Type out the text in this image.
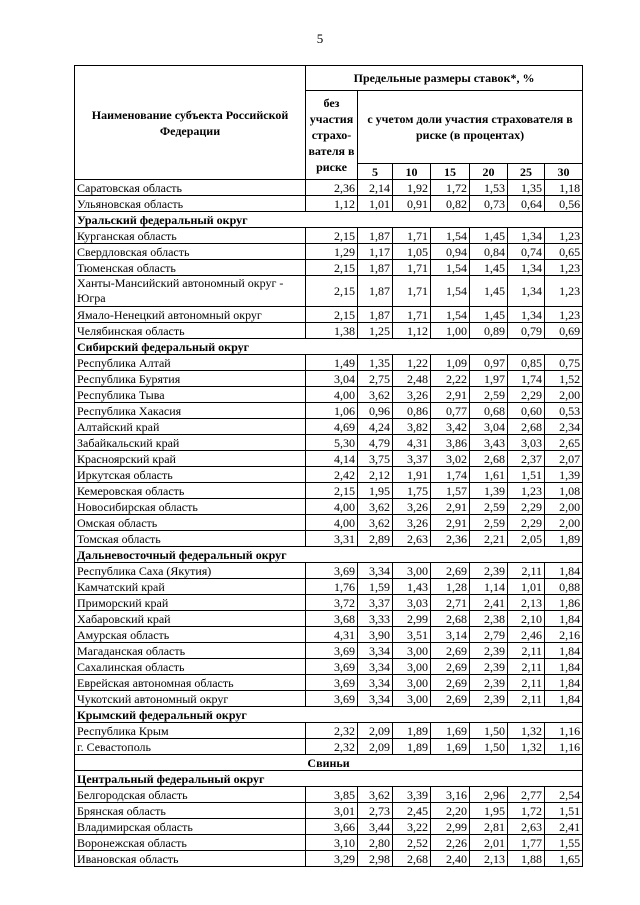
5
Наименование субъекта Российской Федерации	Предельные размеры ставок*, %						
	без участия страхо-вателя в риске	с учетом доли участия страхователя в риске (в процентах)					
		5	10	15	20	25	30
Саратовская область	2,36	2,14	1,92	1,72	1,53	1,35	1,18
Ульяновская область	1,12	1,01	0,91	0,82	0,73	0,64	0,56
Уральский федеральный округ							
Курганская область	2,15	1,87	1,71	1,54	1,45	1,34	1,23
Свердловская область	1,29	1,17	1,05	0,94	0,84	0,74	0,65
Тюменская область	2,15	1,87	1,71	1,54	1,45	1,34	1,23
Ханты-Мансийский автономный округ - Югра	2,15	1,87	1,71	1,54	1,45	1,34	1,23
Ямало-Ненецкий автономный округ	2,15	1,87	1,71	1,54	1,45	1,34	1,23
Челябинская область	1,38	1,25	1,12	1,00	0,89	0,79	0,69
Сибирский федеральный округ							
Республика Алтай	1,49	1,35	1,22	1,09	0,97	0,85	0,75
Республика Бурятия	3,04	2,75	2,48	2,22	1,97	1,74	1,52
Республика Тыва	4,00	3,62	3,26	2,91	2,59	2,29	2,00
Республика Хакасия	1,06	0,96	0,86	0,77	0,68	0,60	0,53
Алтайский край	4,69	4,24	3,82	3,42	3,04	2,68	2,34
Забайкальский край	5,30	4,79	4,31	3,86	3,43	3,03	2,65
Красноярский край	4,14	3,75	3,37	3,02	2,68	2,37	2,07
Иркутская область	2,42	2,12	1,91	1,74	1,61	1,51	1,39
Кемеровская область	2,15	1,95	1,75	1,57	1,39	1,23	1,08
Новосибирская область	4,00	3,62	3,26	2,91	2,59	2,29	2,00
Омская область	4,00	3,62	3,26	2,91	2,59	2,29	2,00
Томская область	3,31	2,89	2,63	2,36	2,21	2,05	1,89
Дальневосточный федеральный округ							
Республика Саха (Якутия)	3,69	3,34	3,00	2,69	2,39	2,11	1,84
Камчатский край	1,76	1,59	1,43	1,28	1,14	1,01	0,88
Приморский край	3,72	3,37	3,03	2,71	2,41	2,13	1,86
Хабаровский край	3,68	3,33	2,99	2,68	2,38	2,10	1,84
Амурская область	4,31	3,90	3,51	3,14	2,79	2,46	2,16
Магаданская область	3,69	3,34	3,00	2,69	2,39	2,11	1,84
Сахалинская область	3,69	3,34	3,00	2,69	2,39	2,11	1,84
Еврейская автономная область	3,69	3,34	3,00	2,69	2,39	2,11	1,84
Чукотский автономный округ	3,69	3,34	3,00	2,69	2,39	2,11	1,84
Крымский федеральный округ							
Республика Крым	2,32	2,09	1,89	1,69	1,50	1,32	1,16
г. Севастополь	2,32	2,09	1,89	1,69	1,50	1,32	1,16
Свиньи							
Центральный федеральный округ							
Белгородская область	3,85	3,62	3,39	3,16	2,96	2,77	2,54
Брянская область	3,01	2,73	2,45	2,20	1,95	1,72	1,51
Владимирская область	3,66	3,44	3,22	2,99	2,81	2,63	2,41
Воронежская область	3,10	2,80	2,52	2,26	2,01	1,77	1,55
Ивановская область	3,29	2,98	2,68	2,40	2,13	1,88	1,65
